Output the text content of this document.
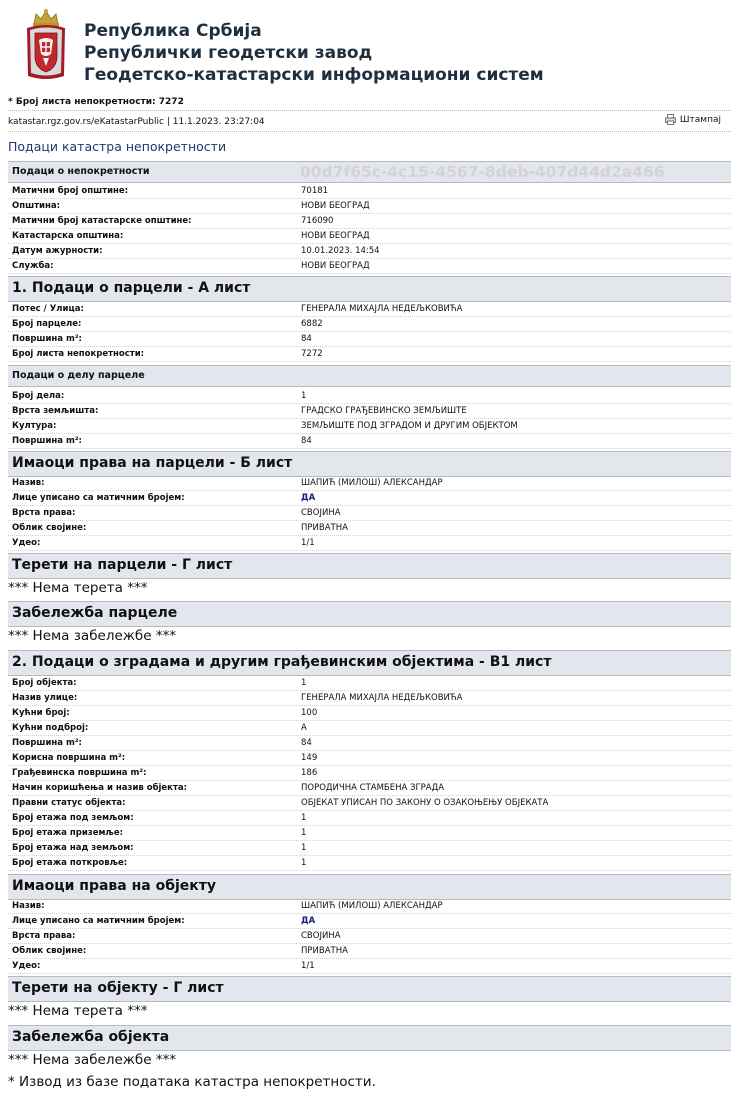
Република Србија
Републички геодетски завод
Геодетско-катастарски информациони систем
* Број листа непокретности: 7272
katastar.rgz.gov.rs/eKatastarPublic | 11.1.2023. 23:27:04	Штампај
Подаци катастра непокретности
Подаци о непокретности	00d7f65c-4c15-4567-8deb-407d44d2a466
Матични број општине:	70181
Општина:	НОВИ БЕОГРАД
Матични број катастарске општине:	716090
Катастарска општина:	НОВИ БЕОГРАД
Датум ажурности:	10.01.2023. 14:54
Служба:	НОВИ БЕОГРАД
1. Подаци о парцели - А лист
Потес / Улица:	ГЕНЕРАЛА МИХАЈЛА НЕДЕЉКОВИЋА
Број парцеле:	6882
Површина m²:	84
Број листа непокретности:	7272
Подаци о делу парцеле
Број дела:	1
Врста земљишта:	ГРАДСКО ГРАЂЕВИНСКО ЗЕМЉИШТЕ
Култура:	ЗЕМЉИШТЕ ПОД ЗГРАДОМ И ДРУГИМ ОБЈЕКТОМ
Површина m²:	84
Имаоци права на парцели - Б лист
Назив:	ШАПИЋ (МИЛОШ) АЛЕКСАНДАР
Лице уписано са матичним бројем:	ДА
Врста права:	СВОЈИНА
Облик својине:	ПРИВАТНА
Удео:	1/1
Терети на парцели - Г лист
*** Нема терета ***
Забележба парцеле
*** Нема забележбе ***
2. Подаци о зградама и другим грађевинским објектима - В1 лист
Број објекта:	1
Назив улице:	ГЕНЕРАЛА МИХАЈЛА НЕДЕЉКОВИЋА
Кућни број:	100
Кућни подброј:	А
Површина m²:	84
Корисна површина m²:	149
Грађевинска површина m²:	186
Начин коришћења и назив објекта:	ПОРОДИЧНА СТАМБЕНА ЗГРАДА
Правни статус објекта:	ОБЈЕКАТ УПИСАН ПО ЗАКОНУ О ОЗАКОЊЕЊУ ОБЈЕКАТА
Број етажа под земљом:	1
Број етажа приземље:	1
Број етажа над земљом:	1
Број етажа поткровље:	1
Имаоци права на објекту
Назив:	ШАПИЋ (МИЛОШ) АЛЕКСАНДАР
Лице уписано са матичним бројем:	ДА
Врста права:	СВОЈИНА
Облик својине:	ПРИВАТНА
Удео:	1/1
Терети на објекту - Г лист
*** Нема терета ***
Забележба објекта
*** Нема забележбе ***
* Извод из базе података катастра непокретности.
